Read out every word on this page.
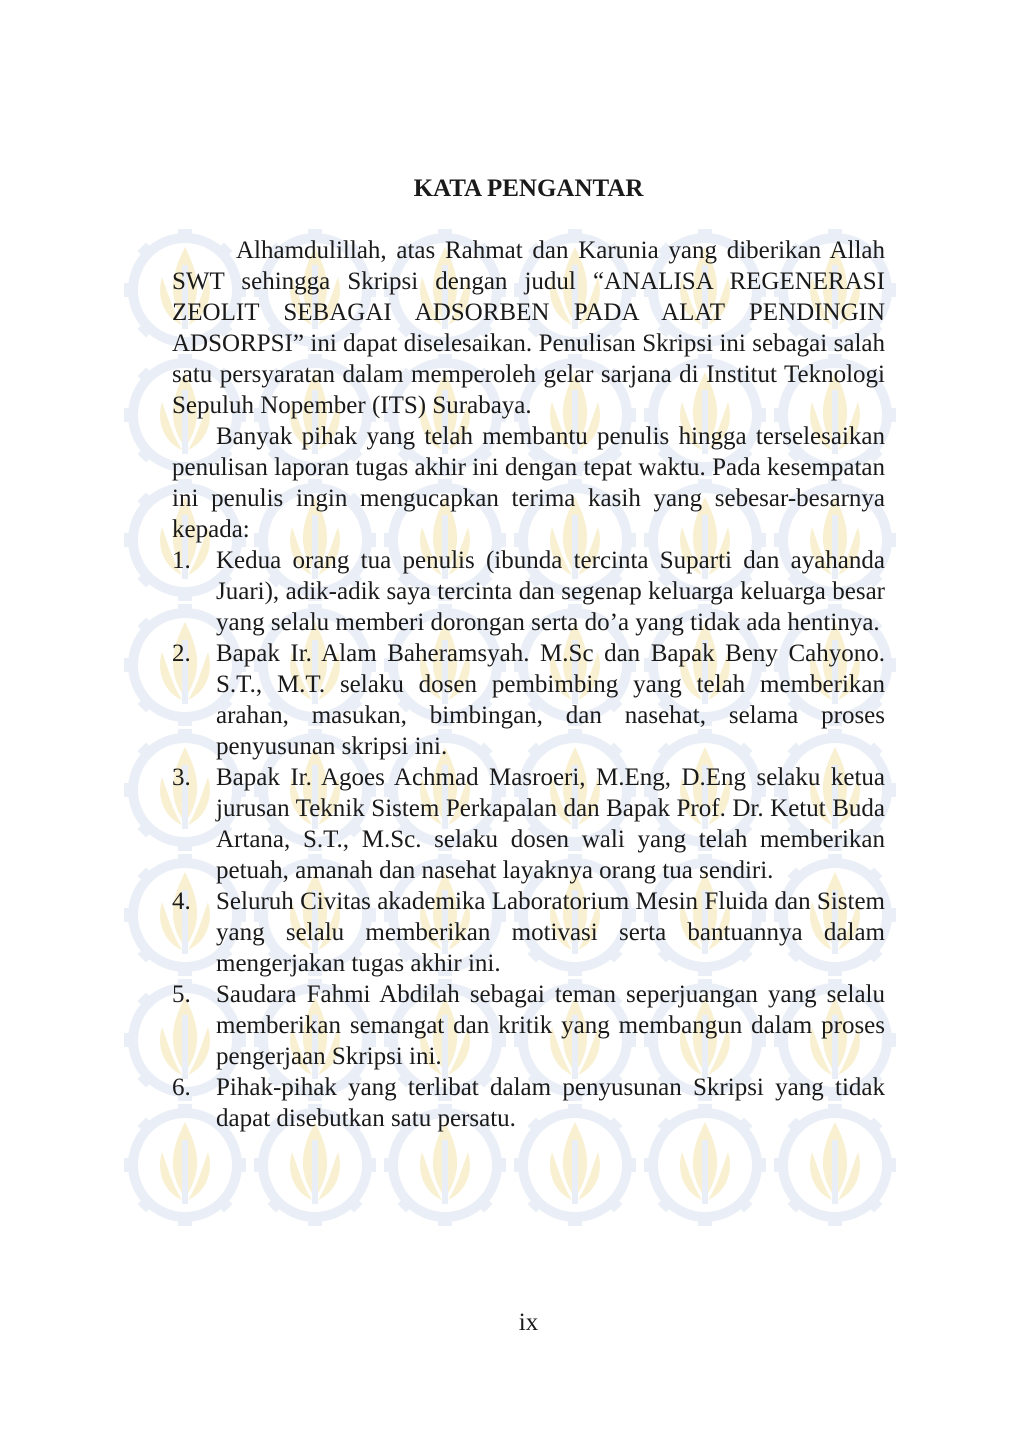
KATA PENGANTAR

Alhamdulillah, atas Rahmat dan Karunia yang diberikan Allah SWT sehingga Skripsi dengan judul “ANALISA REGENERASI ZEOLIT SEBAGAI ADSORBEN PADA ALAT PENDINGIN ADSORPSI” ini dapat diselesaikan. Penulisan Skripsi ini sebagai salah satu persyaratan dalam memperoleh gelar sarjana di Institut Teknologi Sepuluh Nopember (ITS) Surabaya.

Banyak pihak yang telah membantu penulis hingga terselesaikan penulisan laporan tugas akhir ini dengan tepat waktu. Pada kesempatan ini penulis ingin mengucapkan terima kasih yang sebesar-besarnya kepada:

1. Kedua orang tua penulis (ibunda tercinta Suparti dan ayahanda Juari), adik-adik saya tercinta dan segenap keluarga keluarga besar yang selalu memberi dorongan serta do’a yang tidak ada hentinya.
2. Bapak Ir. Alam Baheramsyah. M.Sc dan Bapak Beny Cahyono. S.T., M.T. selaku dosen pembimbing yang telah memberikan arahan, masukan, bimbingan, dan nasehat, selama proses penyusunan skripsi ini.
3. Bapak Ir. Agoes Achmad Masroeri, M.Eng, D.Eng selaku ketua jurusan Teknik Sistem Perkapalan dan Bapak Prof. Dr. Ketut Buda Artana, S.T., M.Sc. selaku dosen wali yang telah memberikan petuah, amanah dan nasehat layaknya orang tua sendiri.
4. Seluruh Civitas akademika Laboratorium Mesin Fluida dan Sistem yang selalu memberikan motivasi serta bantuannya dalam mengerjakan tugas akhir ini.
5. Saudara Fahmi Abdilah sebagai teman seperjuangan yang selalu memberikan semangat dan kritik yang membangun dalam proses pengerjaan Skripsi ini.
6. Pihak-pihak yang terlibat dalam penyusunan Skripsi yang tidak dapat disebutkan satu persatu.

ix
